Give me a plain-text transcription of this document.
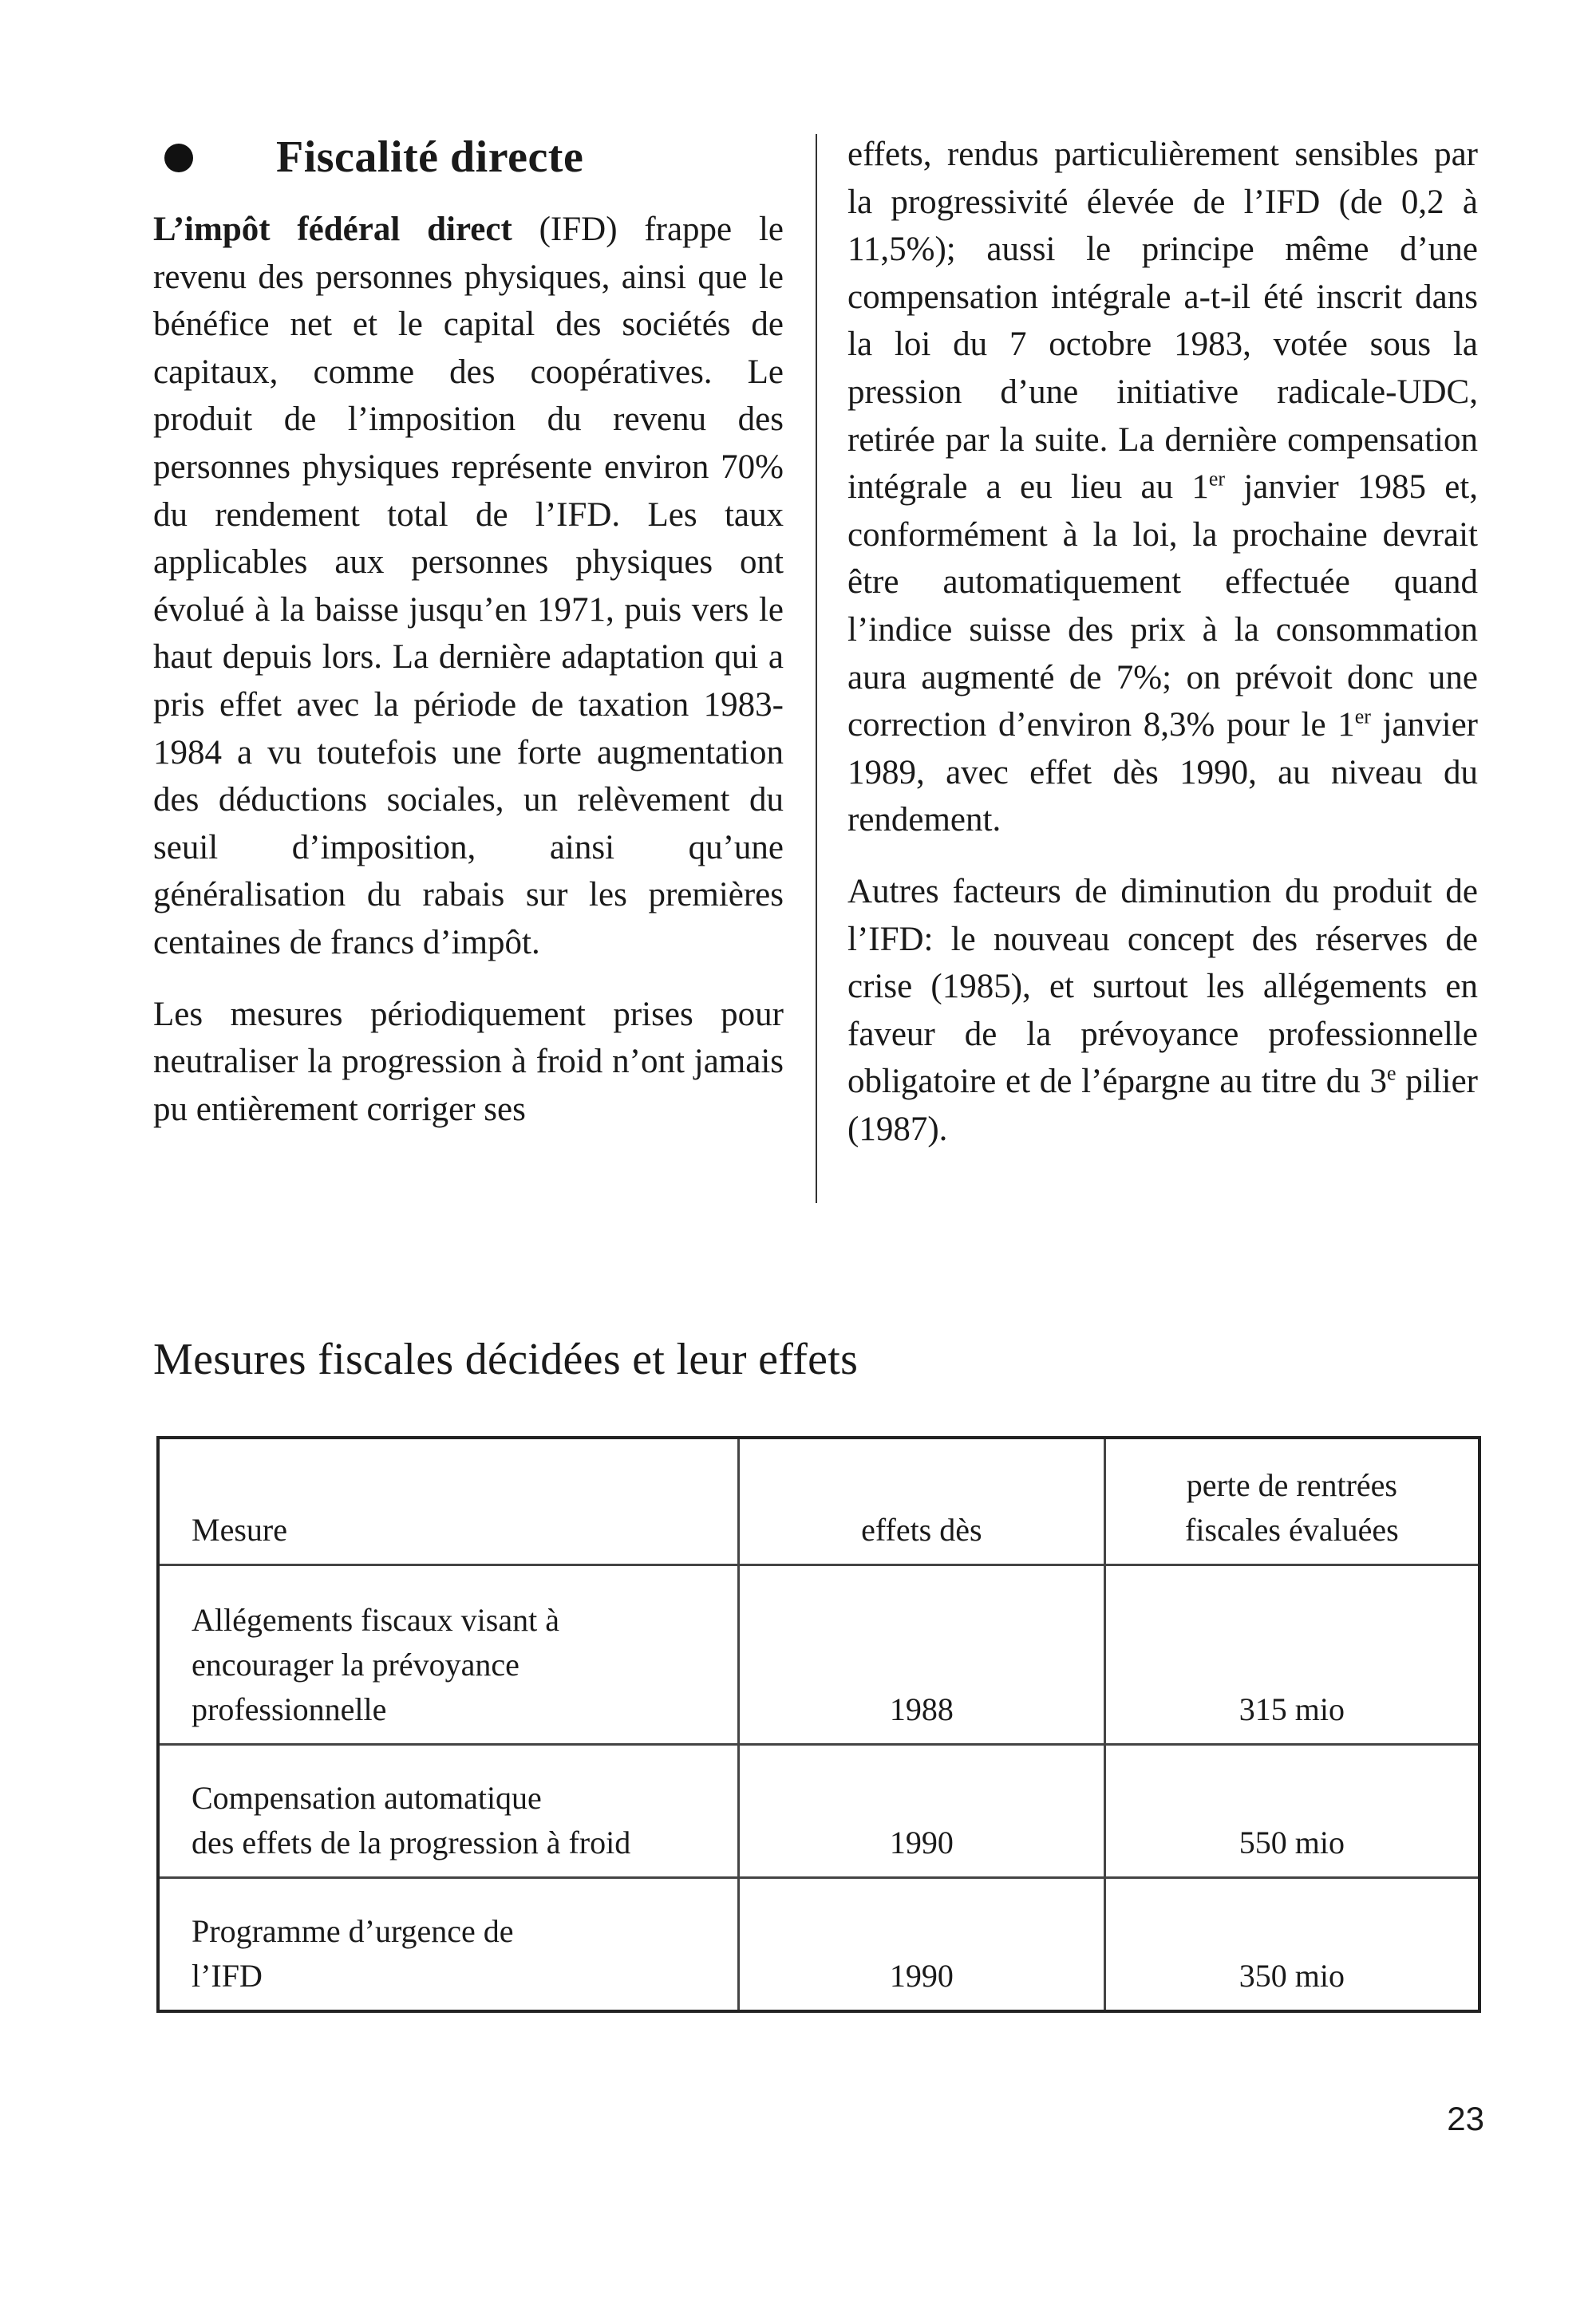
Fiscalité directe

L’impôt fédéral direct (IFD) frappe le revenu des personnes physiques, ainsi que le bénéfice net et le capital des sociétés de capitaux, comme des coopératives. Le produit de l’imposition du revenu des personnes physiques représente environ 70% du rendement total de l’IFD. Les taux applicables aux personnes physiques ont évolué à la baisse jusqu’en 1971, puis vers le haut depuis lors. La dernière adaptation qui a pris effet avec la période de taxation 1983-1984 a vu toutefois une forte augmentation des déductions sociales, un relèvement du seuil d’imposition, ainsi qu’une généralisation du rabais sur les premières centaines de francs d’impôt.

Les mesures périodiquement prises pour neutraliser la progression à froid n’ont jamais pu entièrement corriger ses

effets, rendus particulièrement sensibles par la progressivité élevée de l’IFD (de 0,2 à 11,5%); aussi le principe même d’une compensation intégrale a-t-il été inscrit dans la loi du 7 octobre 1983, votée sous la pression d’une initiative radicale-UDC, retirée par la suite. La dernière compensation intégrale a eu lieu au 1er janvier 1985 et, conformément à la loi, la prochaine devrait être automatiquement effectuée quand l’indice suisse des prix à la consommation aura augmenté de 7%; on prévoit donc une correction d’environ 8,3% pour le 1er janvier 1989, avec effet dès 1990, au niveau du rendement.

Autres facteurs de diminution du produit de l’IFD: le nouveau concept des réserves de crise (1985), et surtout les allégements en faveur de la prévoyance professionnelle obligatoire et de l’épargne au titre du 3e pilier (1987).

Mesures fiscales décidées et leur effets
Mesure	effets dès	perte de rentrées
fiscales évaluées
Allégements fiscaux visant à
encourager la prévoyance
professionnelle	1988	315 mio
Compensation automatique
des effets de la progression à froid	1990	550 mio
Programme d’urgence de
l’IFD	1990	350 mio
23
